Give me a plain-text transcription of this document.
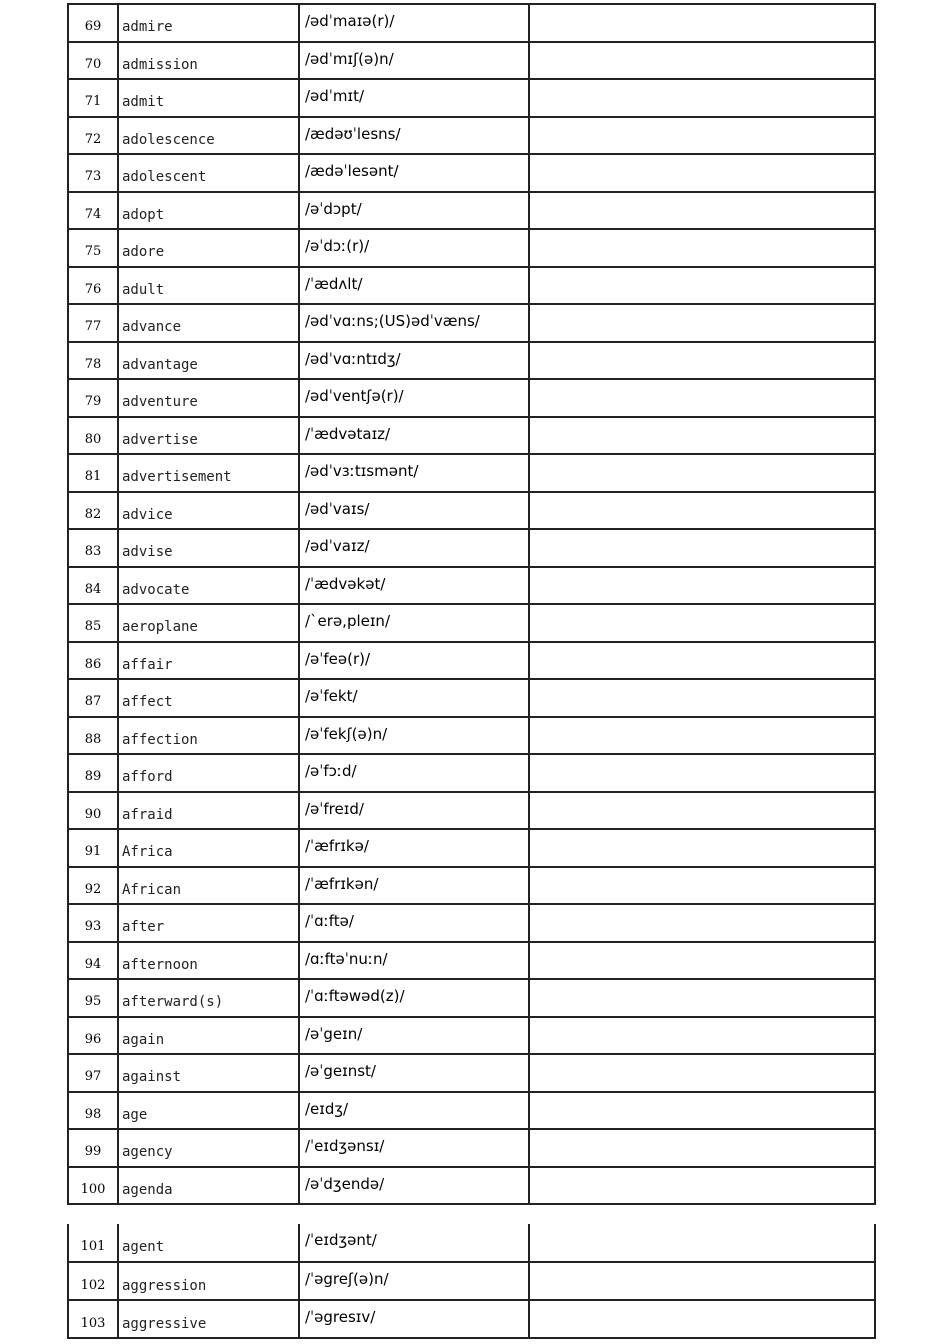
69	admire	/ədˈmaɪə(r)/	
70	admission	/ədˈmɪʃ(ə)n/	
71	admit	/ədˈmɪt/	
72	adolescence	/ædəʊˈlesns/	
73	adolescent	/ædəˈlesənt/	
74	adopt	/əˈdɔpt/	
75	adore	/əˈdɔː(r)/	
76	adult	/ˈædʌlt/	
77	advance	/ədˈvɑːns;(US)ədˈvæns/	
78	advantage	/ədˈvɑːntɪdʒ/	
79	adventure	/ədˈventʃə(r)/	
80	advertise	/ˈædvətaɪz/	
81	advertisement	/ədˈvɜːtɪsmənt/	
82	advice	/ədˈvaɪs/	
83	advise	/ədˈvaɪz/	
84	advocate	/ˈædvəkət/	
85	aeroplane	/ˋerə,pleɪn/	
86	affair	/əˈfeə(r)/	
87	affect	/əˈfekt/	
88	affection	/əˈfekʃ(ə)n/	
89	afford	/əˈfɔːd/	
90	afraid	/əˈfreɪd/	
91	Africa	/ˈæfrɪkə/	
92	African	/ˈæfrɪkən/	
93	after	/ˈɑːftə/	
94	afternoon	/ɑːftəˈnuːn/	
95	afterward(s)	/ˈɑːftəwəd(z)/	
96	again	/əˈgeɪn/	
97	against	/əˈgeɪnst/	
98	age	/eɪdʒ/	
99	agency	/ˈeɪdʒənsɪ/	
100	agenda	/əˈdʒendə/	
101	agent	/ˈeɪdʒənt/	
102	aggression	/ˈəgreʃ(ə)n/	
103	aggressive	/ˈəgresɪv/	
